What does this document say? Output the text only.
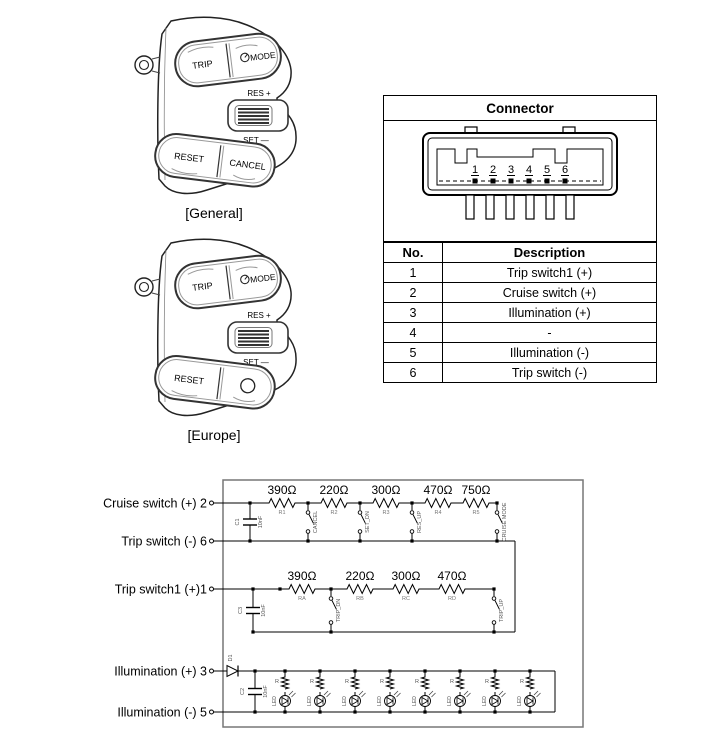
TRIP
MODE
RES +
SET —
RESET
CANCEL
[General]
TRIP
MODE
RES +
SET —
RESET
[Europe]
Connector
1 2 3 4 5 6
No.	Description
1	Trip switch1 (+)
2	Cruise switch (+)
3	Illumination (+)
4	-
5	Illumination (-)
6	Trip switch (-)
Cruise switch (+) 2
Trip switch (-) 6
Trip switch1 (+)1
Illumination (+) 3
Illumination (-) 5
390Ω
R1
220Ω
R2
300Ω
R3
470Ω
R4
750Ω
R5
C1	10nF	CANCEL	SET_DN	RES_UP	CRUISE MODE
390Ω
RA
220Ω
RB
300Ω
RC
470Ω
RD
C3	10nF	TRIP_DN	TRIP_UP
D1
C2	10nF
R
LED
R
LED
R
LED
R
LED
R
LED
R
LED
R
LED
R
LED
